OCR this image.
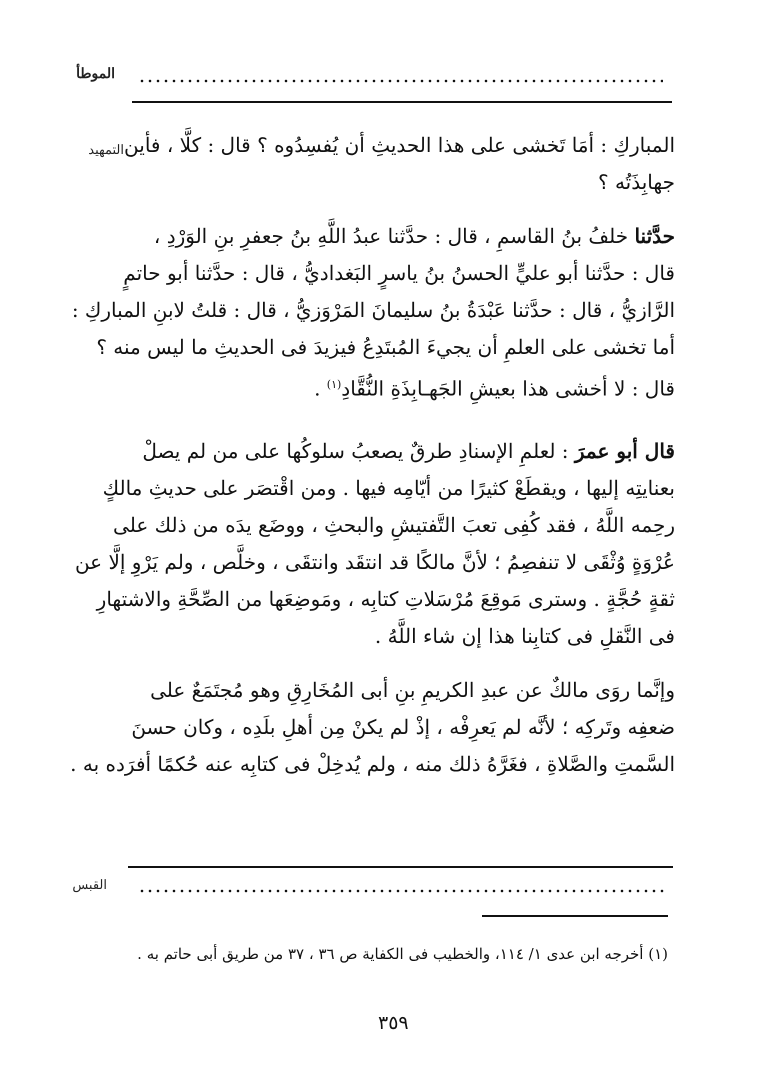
الموطأ
التمهيد المباركِ : أمَا تَخشى على هذا الحديثِ أن يُفسِدُوه ؟ قال : كلَّا ، فأين
جهابِذَتُه ؟
حدَّثنا خلفُ بنُ القاسمِ ، قال : حدَّثنا عبدُ اللَّهِ بنُ جعفرِ بنِ الوَرْدِ ،
قال : حدَّثنا أبو عليٍّ الحسنُ بنُ ياسرٍ البَغداديُّ ، قال : حدَّثنا أبو حاتمٍ
الرَّازيُّ ، قال : حدَّثنا عَبْدَةُ بنُ سليمانَ المَرْوَزيُّ ، قال : قلتُ لابنِ المباركِ :
أما تخشى على العلمِ أن يجيءَ المُبتَدِعُ فيزيدَ فى الحديثِ ما ليس منه ؟
قال : لا أخشى هذا بعيشِ الجَهـابِذَةِ النُّقَّادِ$^{(١)}$ .
قال أبو عمرَ : لعلمِ الإسنادِ طرقٌ يصعبُ سلوكُها على من لم يصلْ
بعنايتِه إليها ، ويقطَعْ كثيرًا من أيّامِه فيها . ومن اقْتصَر على حديثِ مالكٍ
رحِمه اللَّهُ ، فقد كُفِى تعبَ التَّفتيشِ والبحثِ ، ووضَع يدَه من ذلك على
عُرْوَةٍ وُثْقَى لا تنفصِمُ ؛ لأنَّ مالكًا قد انتقَد وانتقَى ، وخلَّص ، ولم يَرْوِ إلَّا عن
ثقةٍ حُجَّةٍ . وسترى مَوقِعَ مُرْسَلاتِ كتابِه ، ومَوضِعَها من الصِّحَّةِ والاشتهارِ
فى النَّقلِ فى كتابِنا هذا إن شاء اللَّهُ .
وإنَّما روَى مالكٌ عن عبدِ الكريمِ بنِ أبى المُخَارِقِ وهو مُجتَمَعٌ على
ضعفِه وتَركِه ؛ لأنَّه لم يَعرِفْه ، إذْ لم يكنْ مِن أهلِ بلَدِه ، وكان حسنَ
السَّمتِ والصَّلاةِ ، فغَرَّهُ ذلك منه ، ولم يُدخِلْ فى كتابِه عنه حُكمًا أفرَده به .
القبس
(١) أخرجه ابن عدى ١/ ١١٤، والخطيب فى الكفاية ص ٣٦ ، ٣٧ من طريق أبى حاتم به .
٣٥٩
